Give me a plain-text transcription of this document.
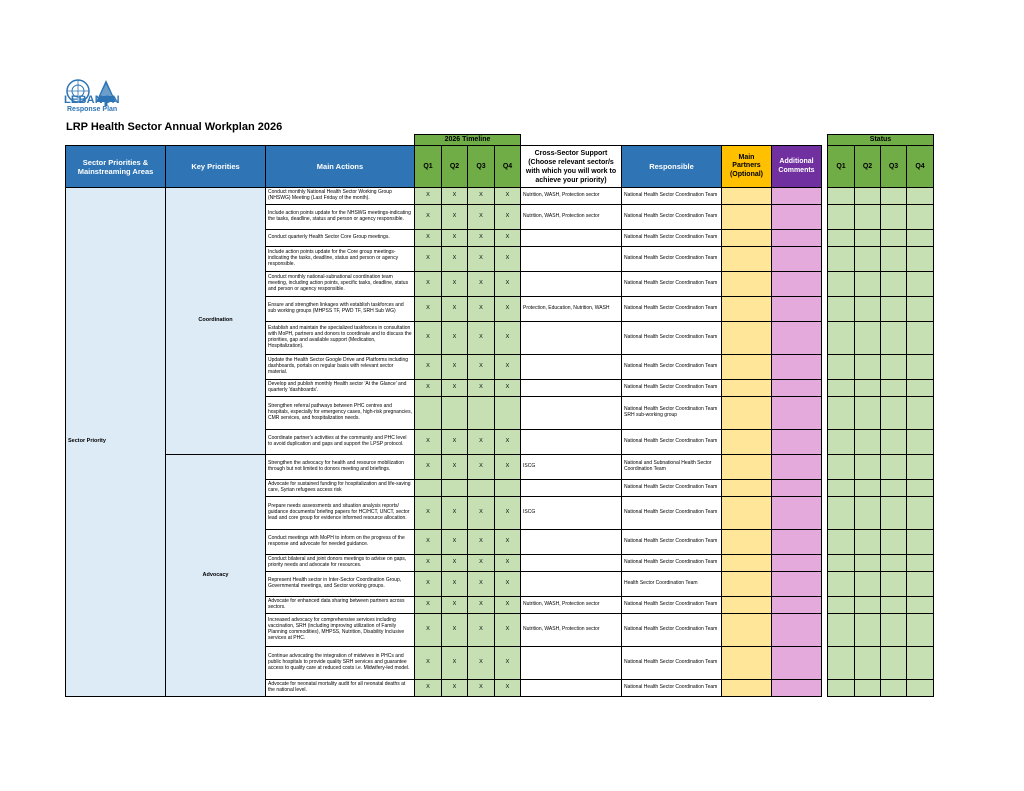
LEBANON
Response Plan
LRP Health Sector Annual Workplan 2026
			2026 Timeline									Status			
Sector Priorities & Mainstreaming Areas	Key Priorities	Main Actions	Q1	Q2	Q3	Q4	Cross-Sector Support (Choose relevant sector/s with which you will work to achieve your priority)	Responsible	Main Partners (Optional)	Additional Comments		Q1	Q2	Q3	Q4
Sector Priority	Coordination	Conduct monthly National Health Sector Working Group (NHSWG) Meeting (Last Friday of the month).	X	X	X	X	Nutrition, WASH, Protection sector	National Health Sector Coordination Team							
		Include action points update for the NHSWG meetings-indicating the tasks, deadline, status and person or agency responsible.	X	X	X	X	Nutrition, WASH, Protection sector	National Health Sector Coordination Team							
		Conduct quarterly Health Sector Core Group meetings.	X	X	X	X		National Health Sector Coordination Team							
		Include action points update for the Core group meetings- indicating the tasks, deadline, status and person or agency responsible.	X	X	X	X		National Health Sector Coordination Team							
		Conduct monthly national-subnational coordination team meeting, including action points, specific tasks, deadline, status and person or agency responsible.	X	X	X	X		National Health Sector Coordination Team							
		Ensure and strengthen linkages with establish taskforces and sub working groups (MHPSS TF, PWD TF, SRH Sub WG)	X	X	X	X	Protection, Education, Nutrition, WASH	National Health Sector Coordination Team							
		Establish and maintain the specialized taskforces in consultation with MoPH, partners and donors to coordinate and to discuss the priorities, gap and available support (Medication, Hospitalization).	X	X	X	X		National Health Sector Coordination Team							
		Update the Health Sector Google Drive and Platforms including dashboards, portals on regular basis with relevant sector material.	X	X	X	X		National Health Sector Coordination Team							
		Develop and publish monthly Health sector 'At the Glance' and quarterly 'dashboards'.	X	X	X	X		National Health Sector Coordination Team							
		Strengthen referral pathways between PHC centres and hospitals, especially for emergency cases, high-risk pregnancies, CMR services, and hospitalization needs.						National Health Sector Coordination Team SRH sub-working group							
		Coordinate partner's activities at the community and PHC level to avoid duplication and gaps and support the LPSP protocol.	X	X	X	X		National Health Sector Coordination Team							
	Advocacy	Strengthen the advocacy for health and resource mobilization through but not limited to donors meeting and briefings.	X	X	X	X	ISCG	National and Subnational Health Sector Coordination Team							
		Advocate for sustained funding for hospitalization and life-saving care, Syrian refugees access risk						National Health Sector Coordination Team							
		Prepare needs assessments and situation analysis reports/ guidance documents/ briefing papers for HC/HCT, UNCT, sector lead and core group for evidence informed resource allocation.	X	X	X	X	ISCG	National Health Sector Coordination Team							
		Conduct meetings with MoPH to inform on the progress of the response and advocate for needed guidance.	X	X	X	X		National Health Sector Coordination Team							
		Conduct bilateral and joint donors meetings to advise on gaps, priority needs and advocate for resources.	X	X	X	X		National Health Sector Coordination Team							
		Represent Health sector in Inter-Sector Coordination Group, Governmental meetings, and Sector working groups.	X	X	X	X		Health Sector Coordination Team							
		Advocate for enhanced data sharing between partners across sectors.	X	X	X	X	Nutrition, WASH, Protection sector	National Health Sector Coordination Team							
		Increased advocacy for comprehensive services including vaccination, SRH (including improving utilization of Family Planning commodities), MHPSS, Nutrition, Disability Inclusive services at PHC.	X	X	X	X	Nutrition, WASH, Protection sector	National Health Sector Coordination Team							
		Continue advocating the integration of midwives in PHCs and public hospitals to provide quality SRH services and guarantee access to quality care at reduced costs i.e. Midwifery-led model.	X	X	X	X		National Health Sector Coordination Team							
		Advocate for neonatal mortality audit for all neonatal deaths at the national level.	X	X	X	X		National Health Sector Coordination Team							
